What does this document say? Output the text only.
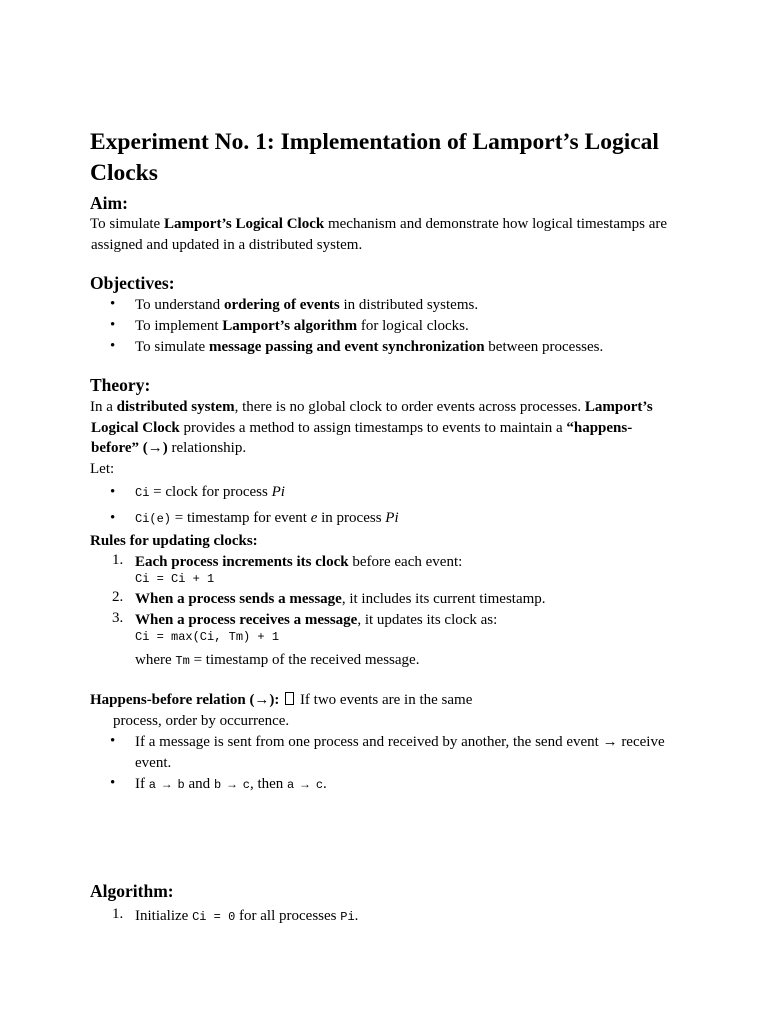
Experiment No. 1: Implementation of Lamport’s Logical Clocks
Aim:
To simulate Lamport’s Logical Clock mechanism and demonstrate how logical timestamps are
assigned and updated in a distributed system.
Objectives:
• To understand ordering of events in distributed systems.
• To implement Lamport’s algorithm for logical clocks.
• To simulate message passing and event synchronization between processes.
Theory:
In a distributed system, there is no global clock to order events across processes. Lamport’s
Logical Clock provides a method to assign timestamps to events to maintain a “happens-
before” (→) relationship.
Let:
• Ci = clock for process Pi
• Ci(e) = timestamp for event e in process Pi
Rules for updating clocks:
1. Each process increments its clock before each event:
Ci = Ci + 1
2. When a process sends a message, it includes its current timestamp.
3. When a process receives a message, it updates its clock as:
Ci = max(Ci, Tm) + 1
where Tm = timestamp of the received message.
Happens-before relation (→):  If two events are in the same
process, order by occurrence.
• If a message is sent from one process and received by another, the send event → receive
event.
• If a → b and b → c, then a → c.
Algorithm:
1. Initialize Ci = 0 for all processes Pi.
